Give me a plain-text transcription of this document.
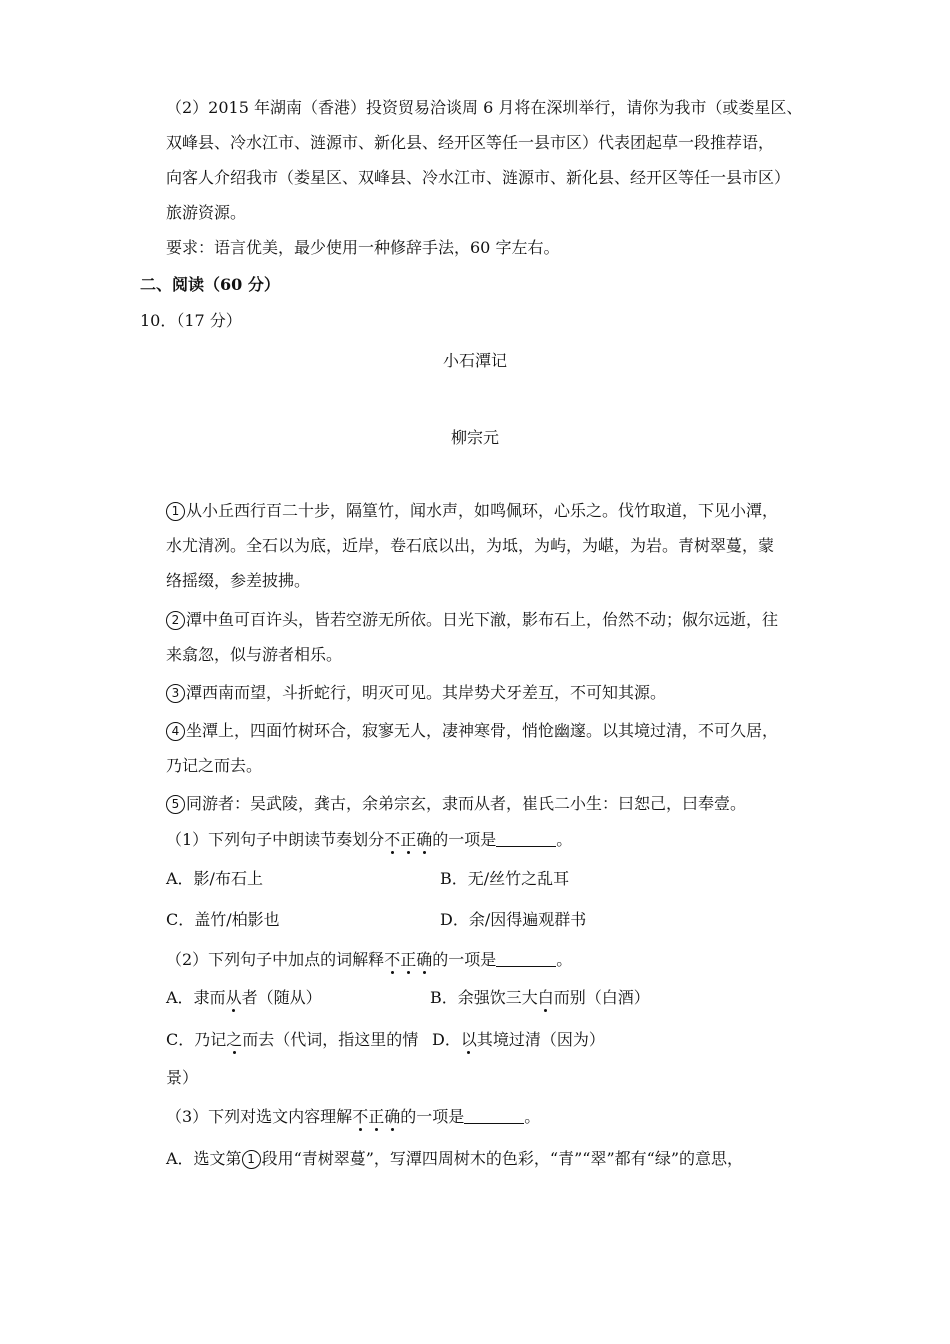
（2）2015 年湖南（香港）投资贸易洽谈周 6 月将在深圳举行，请你为我市（或娄星区、
双峰县、冷水江市、涟源市、新化县、经开区等任一县市区）代表团起草一段推荐语，
向客人介绍我市（娄星区、双峰县、冷水江市、涟源市、新化县、经开区等任一县市区）
旅游资源。
要求：语言优美，最少使用一种修辞手法，60 字左右。
二、阅读（60 分）
10．（17 分）
小石潭记
柳宗元
1 从小丘西行百二十步，隔篁竹，闻水声，如鸣佩环，心乐之。伐竹取道，下见小潭，
水尤清冽。全石以为底，近岸，卷石底以出，为坻，为屿，为嵁，为岩。青树翠蔓，蒙
络摇缀，参差披拂。
2 潭中鱼可百许头，皆若空游无所依。日光下澈，影布石上，佁然不动；俶尔远逝，往
来翕忽，似与游者相乐。
3 潭西南而望，斗折蛇行，明灭可见。其岸势犬牙差互，不可知其源。
4 坐潭上，四面竹树环合，寂寥无人，凄神寒骨，悄怆幽邃。以其境过清，不可久居，
乃记之而去。
5 同游者：吴武陵，龚古，余弟宗玄，隶而从者，崔氏二小生：曰恕己，曰奉壹。
（1）下列句子中朗读节奏划分不正确的一项是	。
A．影/布石上	B．无/丝竹之乱耳
C．盖竹/柏影也	D．余/因得遍观群书
（2）下列句子中加点的词解释不正确的一项是	。
A．隶而从者（随从）	B．余强饮三大白而别（白酒）
C．乃记之而去（代词，指这里的情 D．以其境过清（因为）
景）
（3）下列对选文内容理解不正确的一项是	。
A．选文第 1 段用“青树翠蔓”，写潭四周树木的色彩，“青”“翠”都有“绿”的意思，
